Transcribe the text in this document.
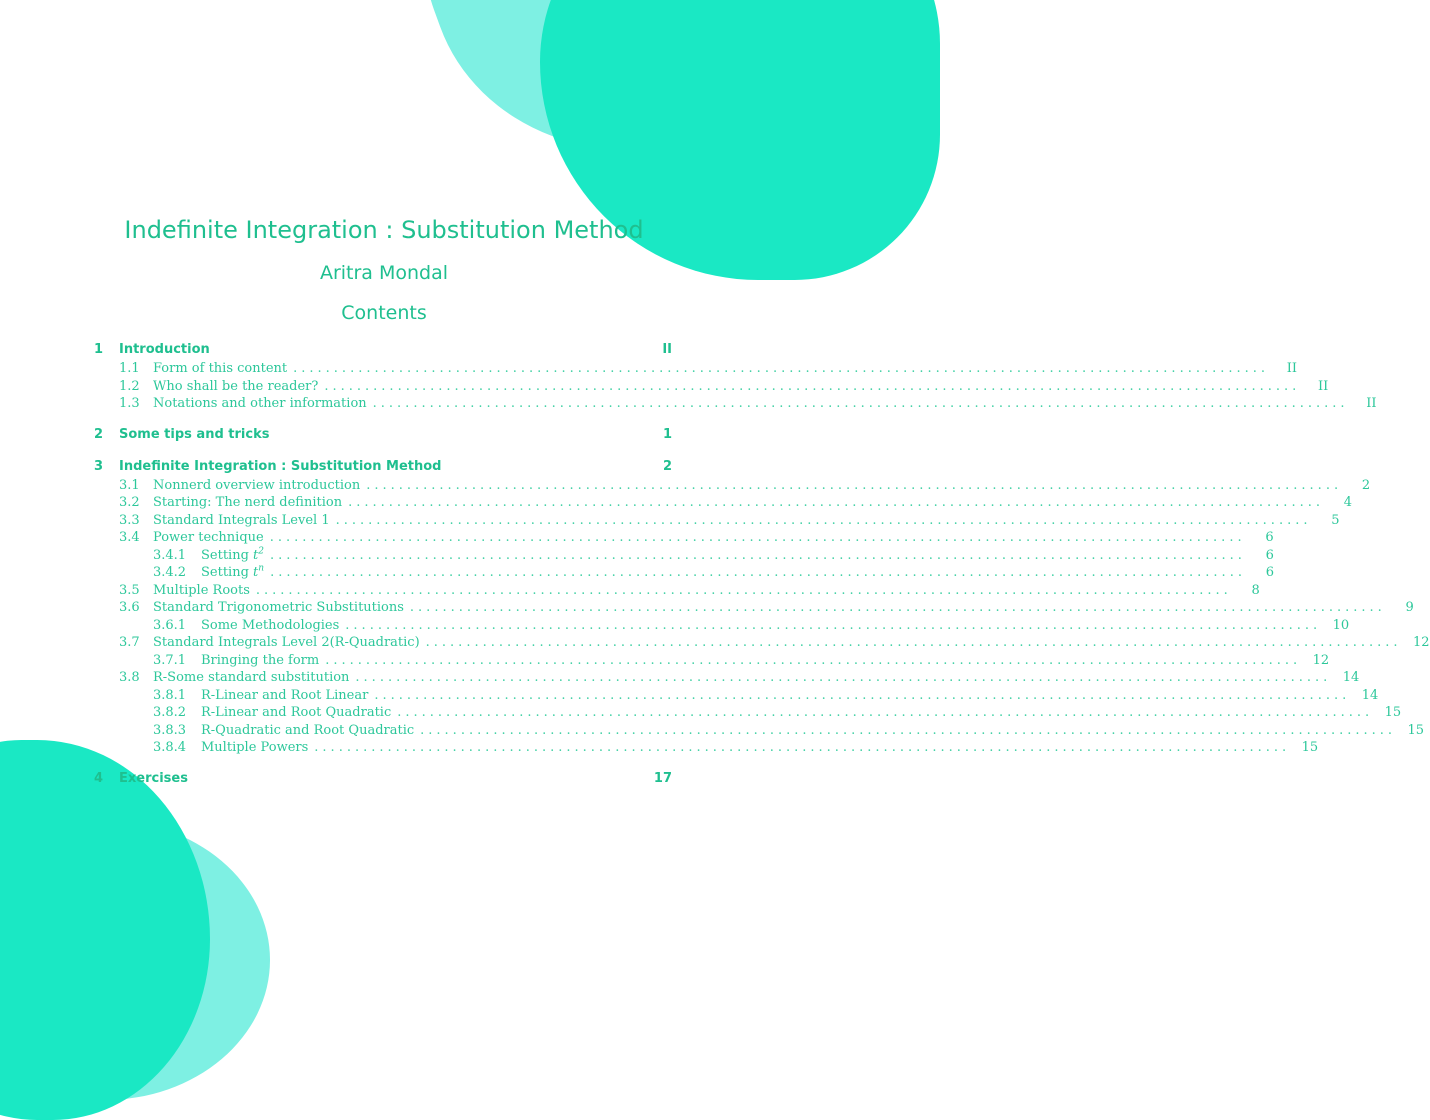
Indefinite Integration : Substitution Method
Aritra Mondal
Contents
1	Introduction	II
1.1	Form of this content ........................................................................................................................	II
1.2	Who shall be the reader? ........................................................................................................................	II
1.3	Notations and other information ........................................................................................................................	II
2	Some tips and tricks	1
3	Indefinite Integration : Substitution Method	2
3.1	Nonnerd overview introduction ........................................................................................................................	2
3.2	Starting: The nerd definition ........................................................................................................................	4
3.3	Standard Integrals Level 1 ........................................................................................................................	5
3.4	Power technique ........................................................................................................................	6
3.4.1	Setting $t^2$ ........................................................................................................................	6
3.4.2	Setting $t^n$ ........................................................................................................................	6
3.5	Multiple Roots ........................................................................................................................	8
3.6	Standard Trigonometric Substitutions ........................................................................................................................	9
3.6.1	Some Methodologies ........................................................................................................................ 10
3.7	Standard Integrals Level 2(R-Quadratic) ........................................................................................................................ 12
3.7.1	Bringing the form ........................................................................................................................ 12
3.8	R-Some standard substitution ........................................................................................................................ 14
3.8.1	R-Linear and Root Linear ........................................................................................................................ 14
3.8.2	R-Linear and Root Quadratic ........................................................................................................................ 15
3.8.3	R-Quadratic and Root Quadratic ........................................................................................................................ 15
3.8.4	Multiple Powers ........................................................................................................................ 15
4	Exercises	17
